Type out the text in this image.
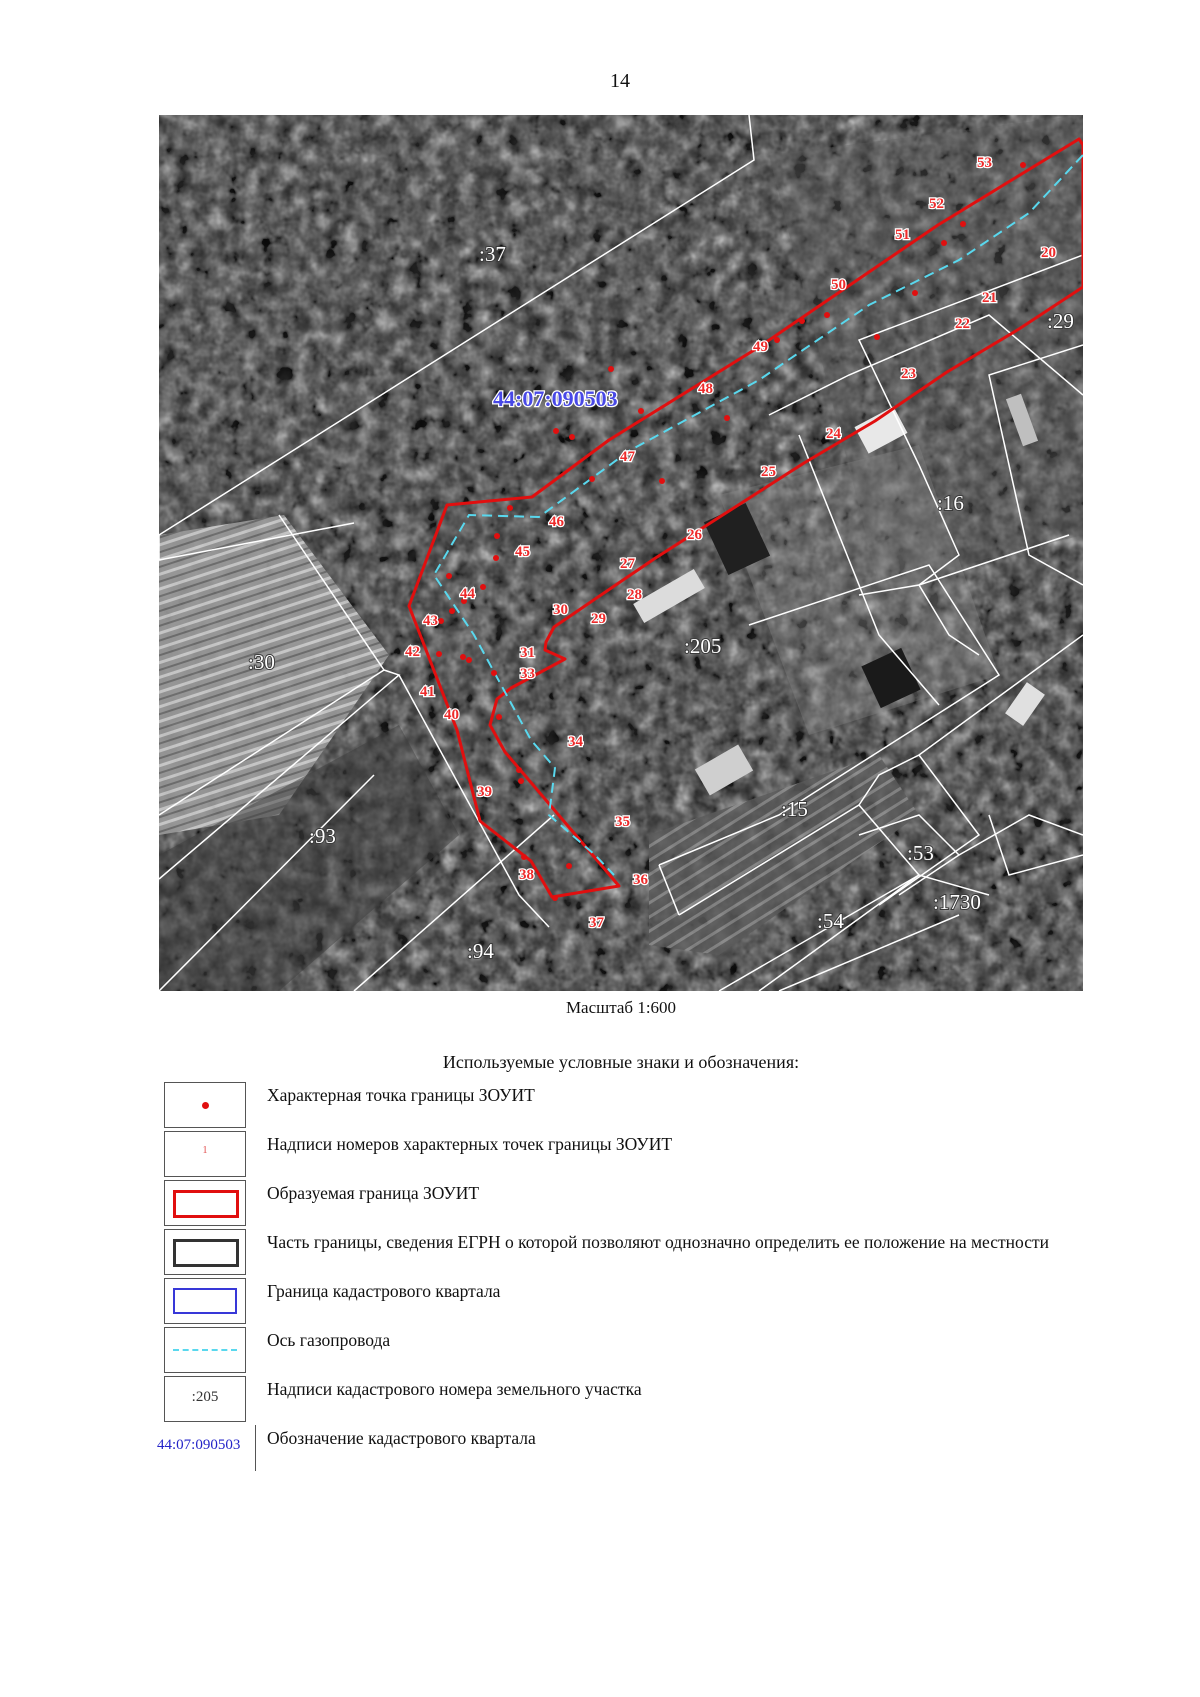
14
:37
:29
:16
:205
:30
:93
:15
:53
:1730
:54
:94
44:07:090503
20
21
22
23
24
25
26
27
28
29
30
31
33
34
35
36
37
38
39
40
41
42
43
44
45
46
47
48
49
50
51
52
53
Масштаб 1:600
Используемые условные знаки и обозначения:
Характерная точка границы ЗОУИТ
1	Надписи номеров характерных точек границы ЗОУИТ
Образуемая граница ЗОУИТ
Часть границы, сведения ЕГРН о которой позволяют однозначно определить ее положение на местности
Граница кадастрового квартала
Ось газопровода
:205	Надписи кадастрового номера земельного участка
44:07:090503	Обозначение кадастрового квартала
